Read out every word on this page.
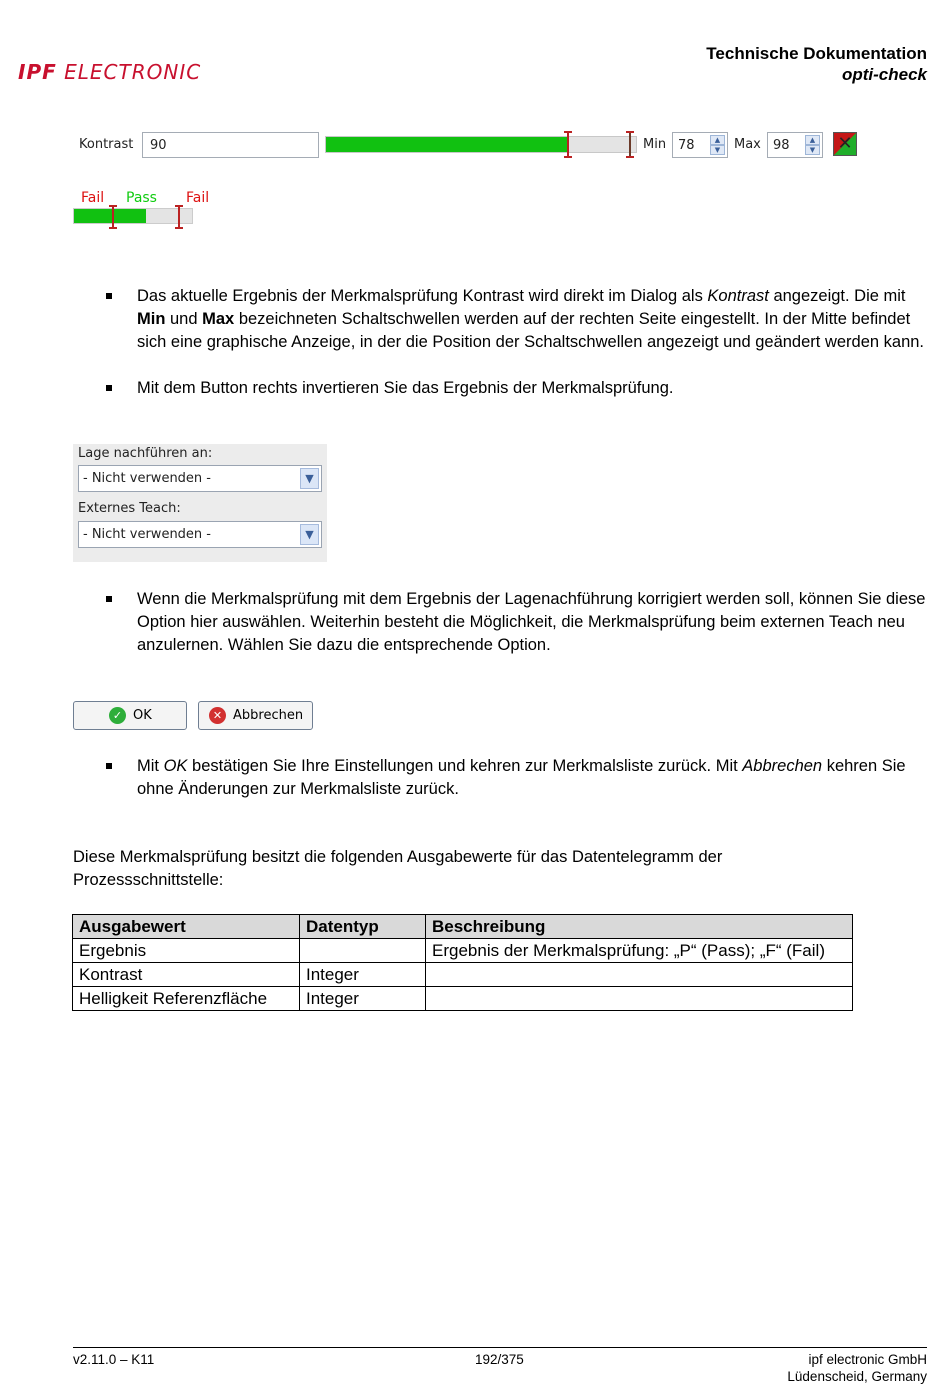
IPF ELECTRONIC
Technische Dokumentation
opti-check
Kontrast	90	Min 78	▲
▼	Max 98	▲
▼ ✕
Fail Pass Fail
Das aktuelle Ergebnis der Merkmalsprüfung Kontrast wird direkt im Dialog als Kontrast angezeigt. Die mit Min und Max bezeichneten Schaltschwellen werden auf der rechten Seite eingestellt. In der Mitte befindet sich eine graphische Anzeige, in der die Position der Schaltschwellen angezeigt und geändert werden kann.
Mit dem Button rechts invertieren Sie das Ergebnis der Merkmalsprüfung.
Lage nachführen an:
- Nicht verwenden -	▼
Externes Teach:
- Nicht verwenden -	▼
Wenn die Merkmalsprüfung mit dem Ergebnis der Lagenachführung korrigiert werden soll, können Sie diese Option hier auswählen. Weiterhin besteht die Möglichkeit, die Merkmalsprüfung beim externen Teach neu anzulernen. Wählen Sie dazu die entsprechende Option.
✓ OK	✕ Abbrechen
Mit OK bestätigen Sie Ihre Einstellungen und kehren zur Merkmalsliste zurück. Mit Abbrechen kehren Sie ohne Änderungen zur Merkmalsliste zurück.
Diese Merkmalsprüfung besitzt die folgenden Ausgabewerte für das Datentelegramm der Prozessschnittstelle:
Ausgabewert	Datentyp	Beschreibung
Ergebnis		Ergebnis der Merkmalsprüfung: „P“ (Pass); „F“ (Fail)
Kontrast	Integer	
Helligkeit Referenzfläche	Integer	
v2.11.0 – K11	192/375	ipf electronic GmbH
Lüdenscheid, Germany
